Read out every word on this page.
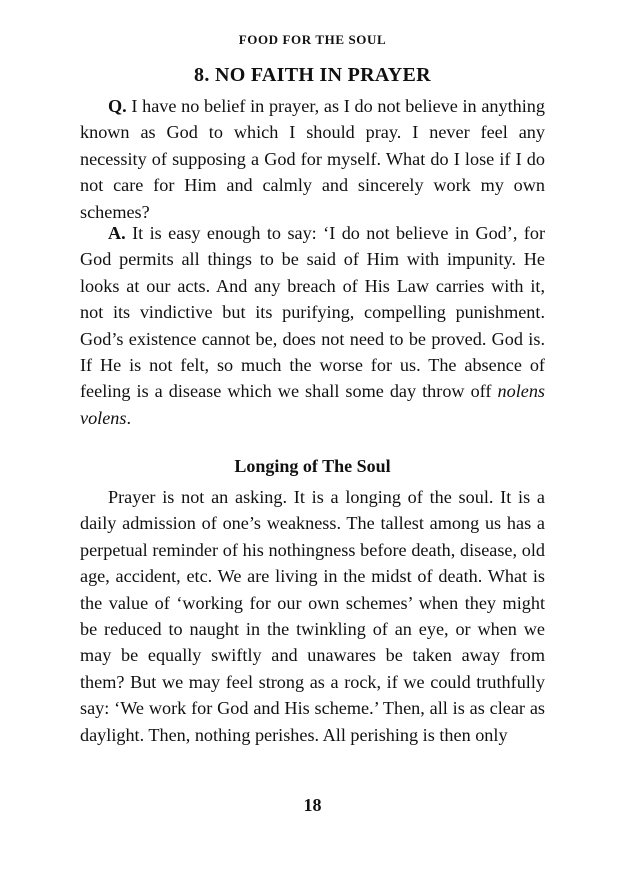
FOOD FOR THE SOUL
8. NO FAITH IN PRAYER

Q. I have no belief in prayer, as I do not believe in anything known as God to which I should pray. I never feel any necessity of supposing a God for myself. What do I lose if I do not care for Him and calmly and sincerely work my own schemes?

A. It is easy enough to say: ‘I do not believe in God’, for God permits all things to be said of Him with impunity. He looks at our acts. And any breach of His Law carries with it, not its vindictive but its purifying, compelling punishment. God’s existence cannot be, does not need to be proved. God is. If He is not felt, so much the worse for us. The absence of feeling is a disease which we shall some day throw off nolens volens.

Longing of The Soul

Prayer is not an asking. It is a longing of the soul. It is a daily admission of one’s weakness. The tallest among us has a perpetual reminder of his nothingness before death, disease, old age, accident, etc. We are living in the midst of death. What is the value of ‘working for our own schemes’ when they might be reduced to naught in the twinkling of an eye, or when we may be equally swiftly and unawares be taken away from them? But we may feel strong as a rock, if we could truthfully say: ‘We work for God and His scheme.’ Then, all is as clear as daylight. Then, nothing perishes. All perishing is then only

18
